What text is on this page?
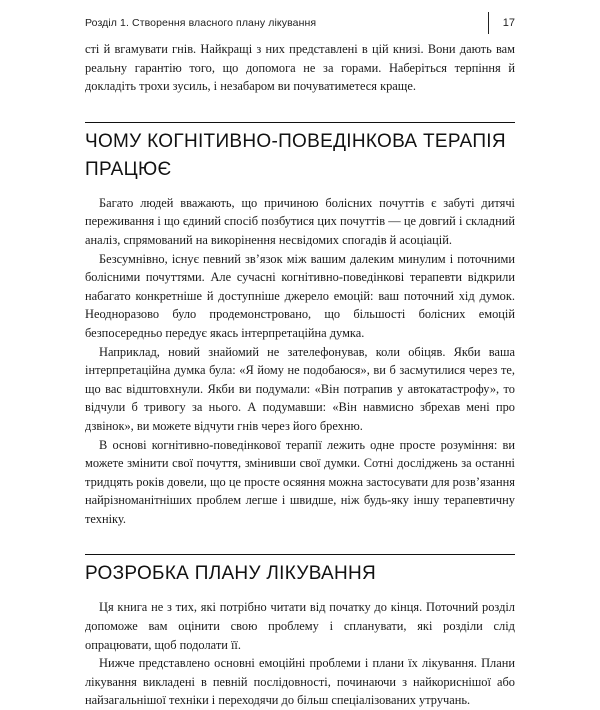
Розділ 1. Створення власного плану лікування	17

сті й вгамувати гнів. Найкращі з них представлені в цій книзі. Вони дають вам реальну гарантію того, що допомога не за горами. Наберіться терпіння й докладіть трохи зусиль, і незабаром ви почуватиметеся краще.

ЧОМУ КОГНІТИВНО-ПОВЕДІНКОВА ТЕРАПІЯ ПРАЦЮЄ

Багато людей вважають, що причиною болісних почуттів є забуті дитячі переживання і що єдиний спосіб позбутися цих почуттів — це довгий і складний аналіз, спрямований на викорінення несвідомих спогадів й асоціацій.

Безсумнівно, існує певний зв’язок між вашим далеким минулим і поточними болісними почуттями. Але сучасні когнітивно-поведінкові терапевти відкрили набагато конкретніше й доступніше джерело емоцій: ваш поточний хід думок. Неодноразово було продемонстровано, що більшості болісних емоцій безпосередньо передує якась інтерпретаційна думка.

Наприклад, новий знайомий не зателефонував, коли обіцяв. Якби ваша інтерпретаційна думка була: «Я йому не подобаюся», ви б засмутилися через те, що вас відштовхнули. Якби ви подумали: «Він потрапив у автокатастрофу», то відчули б тривогу за нього. А подумавши: «Він навмисно збрехав мені про дзвінок», ви можете відчути гнів через його брехню.

В основі когнітивно-поведінкової терапії лежить одне просте розуміння: ви можете змінити свої почуття, змінивши свої думки. Сотні досліджень за останні тридцять років довели, що це просте осяяння можна застосувати для розв’язання найрізноманітніших проблем легше і швидше, ніж будь-яку іншу терапевтичну техніку.

РОЗРОБКА ПЛАНУ ЛІКУВАННЯ

Ця книга не з тих, які потрібно читати від початку до кінця. Поточний розділ допоможе вам оцінити свою проблему і спланувати, які розділи слід опрацювати, щоб подолати її.

Нижче представлено основні емоційні проблеми і плани їх лікування. Плани лікування викладені в певній послідовності, починаючи з найкориснішої або найзагальнішої техніки і переходячи до більш спеціалізованих утручань.
